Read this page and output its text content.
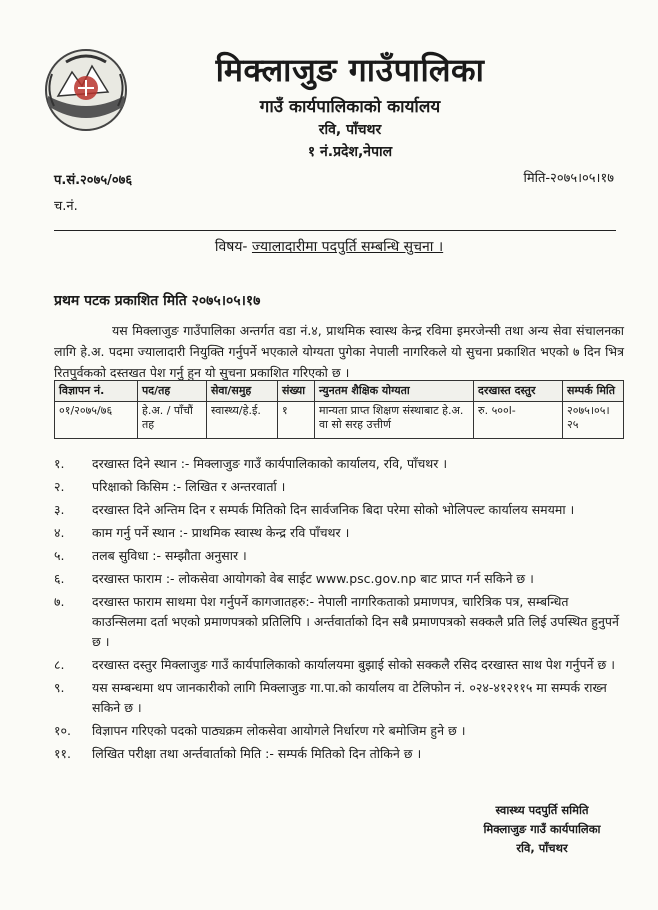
मिक्लाजुङ गाउँपालिका
गाउँ कार्यपालिकाको कार्यालय
रवि, पाँचथर
१ नं.प्रदेश,नेपाल
प.सं.२०७५/०७६	मिति-२०७५।०५।१७
च.नं.
विषय- ज्यालादारीमा पदपुर्ति सम्बन्धि सुचना ।
प्रथम पटक प्रकाशित मिति २०७५।०५।१७

यस मिक्लाजुङ गाउँपालिका अन्तर्गत वडा नं.४, प्राथमिक स्वास्थ केन्द्र रविमा इमरजेन्सी तथा अन्य सेवा संचालनका लागि हे.अ. पदमा ज्यालादारी नियुक्ति गर्नुपर्ने भएकाले योग्यता पुगेका नेपाली नागरिकले यो सुचना प्रकाशित भएको ७ दिन भित्र रितपुर्वकको दस्तखत पेश गर्नु हुन यो सुचना प्रकाशित गरिएको छ ।

विज्ञापन नं.	पद/तह	सेवा/समुह	संख्या	न्युनतम शैक्षिक योग्यता	दरखास्त दस्तुर	सम्पर्क मिति
०१/२०७५/७६	हे.अ. / पाँचौं तह	स्वास्थ्य/हे.ई.	१	मान्यता प्राप्त शिक्षण संस्थाबाट हे.अ. वा सो सरह उत्तीर्ण	रु. ५००l-	२०७५।०५।२५
१.	दरखास्त दिने स्थान :- मिक्लाजुङ गाउँ कार्यपालिकाको कार्यालय, रवि, पाँचथर ।
२.	परिक्षाको किसिम :- लिखित र अन्तरवार्ता ।
३.	दरखास्त दिने अन्तिम दिन र सम्पर्क मितिको दिन सार्वजनिक बिदा परेमा सोको भोलिपल्ट कार्यालय समयमा ।
४.	काम गर्नु पर्ने स्थान :- प्राथमिक स्वास्थ केन्द्र रवि पाँचथर ।
५.	तलब सुविधा :- सम्झौता अनुसार ।
६.	दरखास्त फाराम :- लोकसेवा आयोगको वेब साईट www.psc.gov.np बाट प्राप्त गर्न सकिने छ ।
७.	दरखास्त फाराम साथमा पेश गर्नुपर्ने कागजातहरु:- नेपाली नागरिकताको प्रमाणपत्र, चारित्रिक पत्र, सम्बन्धित काउन्सिलमा दर्ता भएको प्रमाणपत्रको प्रतिलिपि । अर्न्तवार्ताको दिन सबै प्रमाणपत्रको सक्कलै प्रति लिई उपस्थित हुनुपर्ने छ ।
८.	दरखास्त दस्तुर मिक्लाजुङ गाउँ कार्यपालिकाको कार्यालयमा बुझाई सोको सक्कलै रसिद दरखास्त साथ पेश गर्नुपर्ने छ ।
९.	यस सम्बन्धमा थप जानकारीको लागि मिक्लाजुङ गा.पा.को कार्यालय वा टेलिफोन नं. ०२४-४१२११५ मा सम्पर्क राख्न सकिने छ ।
१०.	विज्ञापन गरिएको पदको पाठ्यक्रम लोकसेवा आयोगले निर्धारण गरे बमोजिम हुने छ ।
११.	लिखित परीक्षा तथा अर्न्तवार्ताको मिति :- सम्पर्क मितिको दिन तोकिने छ ।
स्वास्थ्य पदपुर्ति समिति
मिक्लाजुङ गाउँ कार्यपालिका
रवि, पाँचथर
